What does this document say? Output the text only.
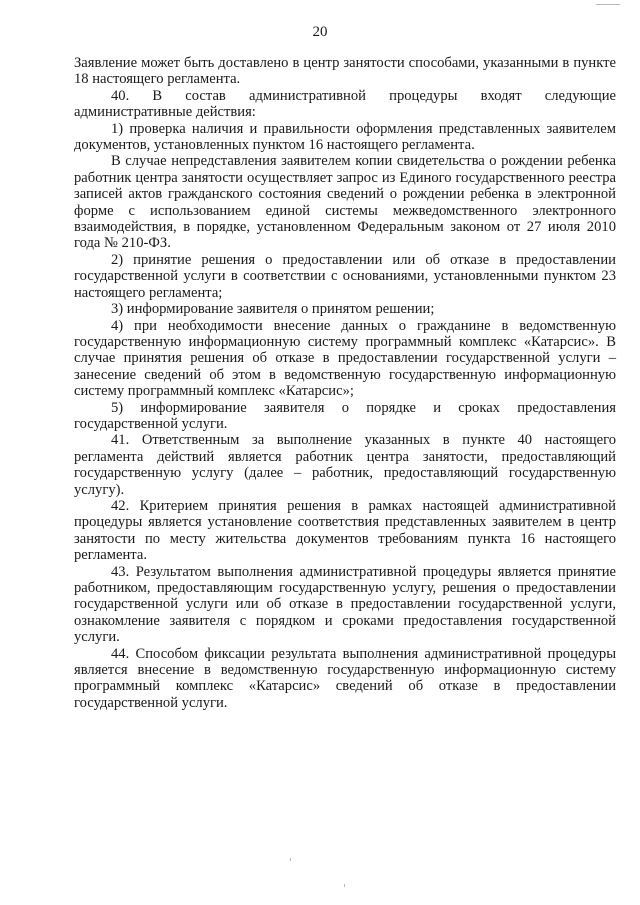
20

Заявление может быть доставлено в центр занятости способами, указанными в пункте 18 настоящего регламента.

40. В состав административной процедуры входят следующие административные действия:

1) проверка наличия и правильности оформления представленных заявителем документов, установленных пунктом 16 настоящего регламента.

В случае непредставления заявителем копии свидетельства о рождении ребенка работник центра занятости осуществляет запрос из Единого государственного реестра записей актов гражданского состояния сведений о рождении ребенка в электронной форме с использованием единой системы межведомственного электронного взаимодействия, в порядке, установленном Федеральным законом от 27 июля 2010 года № 210-ФЗ.

2) принятие решения о предоставлении или об отказе в предоставлении государственной услуги в соответствии с основаниями, установленными пунктом 23 настоящего регламента;

3) информирование заявителя о принятом решении;

4) при необходимости внесение данных о гражданине в ведомственную государственную информационную систему программный комплекс «Катарсис». В случае принятия решения об отказе в предоставлении государственной услуги – занесение сведений об этом в ведомственную государственную информационную систему программный комплекс «Катарсис»;

5) информирование заявителя о порядке и сроках предоставления государственной услуги.

41. Ответственным за выполнение указанных в пункте 40 настоящего регламента действий является работник центра занятости, предоставляющий государственную услугу (далее – работник, предоставляющий государственную услугу).

42. Критерием принятия решения в рамках настоящей административной процедуры является установление соответствия представленных заявителем в центр занятости по месту жительства документов требованиям пункта 16 настоящего регламента.

43. Результатом выполнения административной процедуры является принятие работником, предоставляющим государственную услугу, решения о предоставлении государственной услуги или об отказе в предоставлении государственной услуги, ознакомление заявителя с порядком и сроками предоставления государственной услуги.

44. Способом фиксации результата выполнения административной процедуры является внесение в ведомственную государственную информационную систему программный комплекс «Катарсис» сведений об отказе в предоставлении государственной услуги.
